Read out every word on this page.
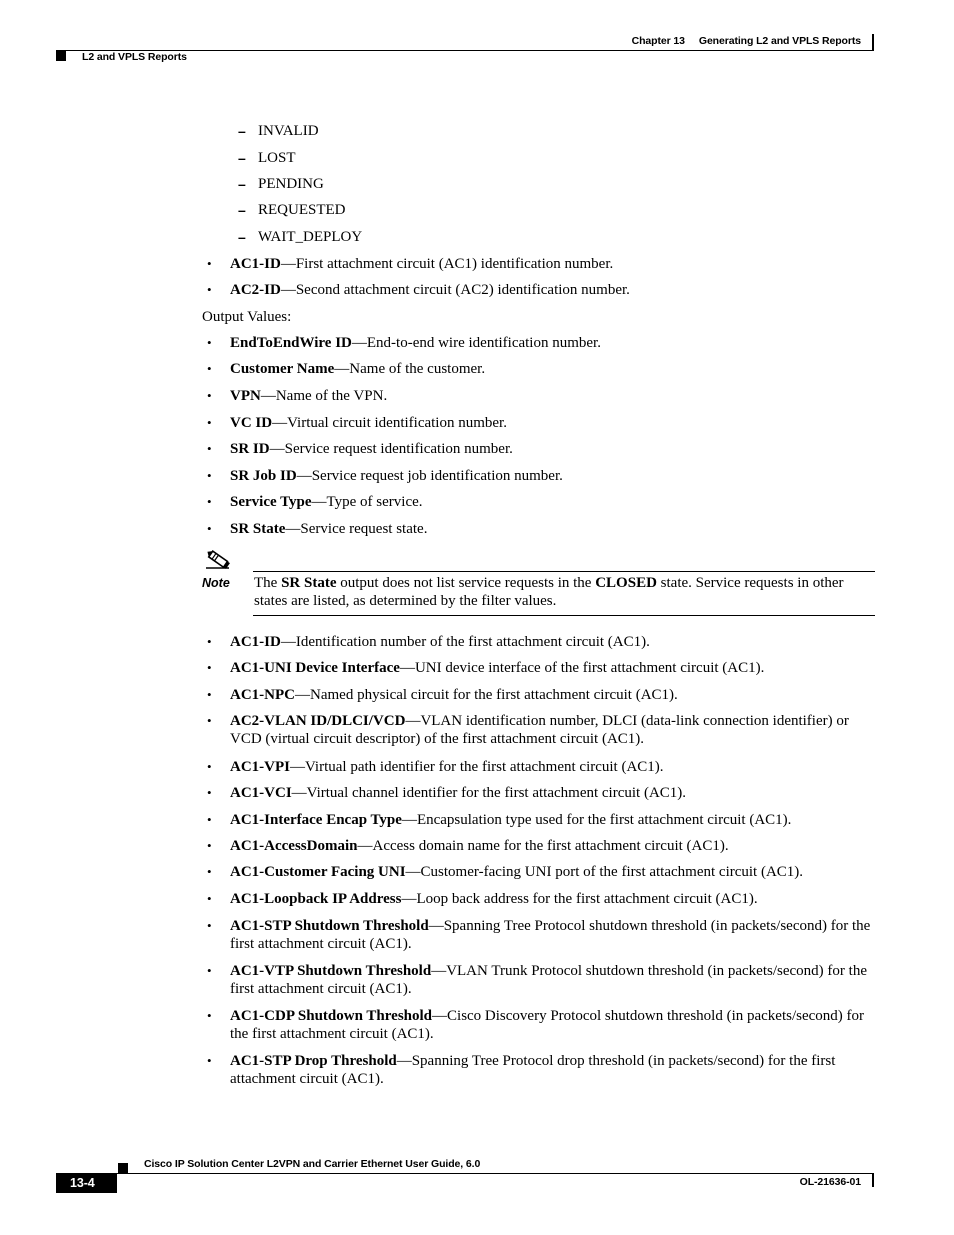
Chapter 13 Generating L2 and VPLS Reports
L2 and VPLS Reports
– INVALID
– LOST
– PENDING
– REQUESTED
– WAIT_DEPLOY
• AC1-ID—First attachment circuit (AC1) identification number.
• AC2-ID—Second attachment circuit (AC2) identification number.
Output Values:
• EndToEndWire ID—End-to-end wire identification number.
• Customer Name—Name of the customer.
• VPN—Name of the VPN.
• VC ID—Virtual circuit identification number.
• SR ID—Service request identification number.
• SR Job ID—Service request job identification number.
• Service Type—Type of service.
• SR State—Service request state.
Note The SR State output does not list service requests in the CLOSED state. Service requests in other states are listed, as determined by the filter values.
• AC1-ID—Identification number of the first attachment circuit (AC1).
• AC1-UNI Device Interface—UNI device interface of the first attachment circuit (AC1).
• AC1-NPC—Named physical circuit for the first attachment circuit (AC1).
• AC2-VLAN ID/DLCI/VCD—VLAN identification number, DLCI (data-link connection identifier) or VCD (virtual circuit descriptor) of the first attachment circuit (AC1).
• AC1-VPI—Virtual path identifier for the first attachment circuit (AC1).
• AC1-VCI—Virtual channel identifier for the first attachment circuit (AC1).
• AC1-Interface Encap Type—Encapsulation type used for the first attachment circuit (AC1).
• AC1-AccessDomain—Access domain name for the first attachment circuit (AC1).
• AC1-Customer Facing UNI—Customer-facing UNI port of the first attachment circuit (AC1).
• AC1-Loopback IP Address—Loop back address for the first attachment circuit (AC1).
• AC1-STP Shutdown Threshold—Spanning Tree Protocol shutdown threshold (in packets/second) for the first attachment circuit (AC1).
• AC1-VTP Shutdown Threshold—VLAN Trunk Protocol shutdown threshold (in packets/second) for the first attachment circuit (AC1).
• AC1-CDP Shutdown Threshold—Cisco Discovery Protocol shutdown threshold (in packets/second) for the first attachment circuit (AC1).
• AC1-STP Drop Threshold—Spanning Tree Protocol drop threshold (in packets/second) for the first attachment circuit (AC1).
Cisco IP Solution Center L2VPN and Carrier Ethernet User Guide, 6.0
13-4	OL-21636-01
